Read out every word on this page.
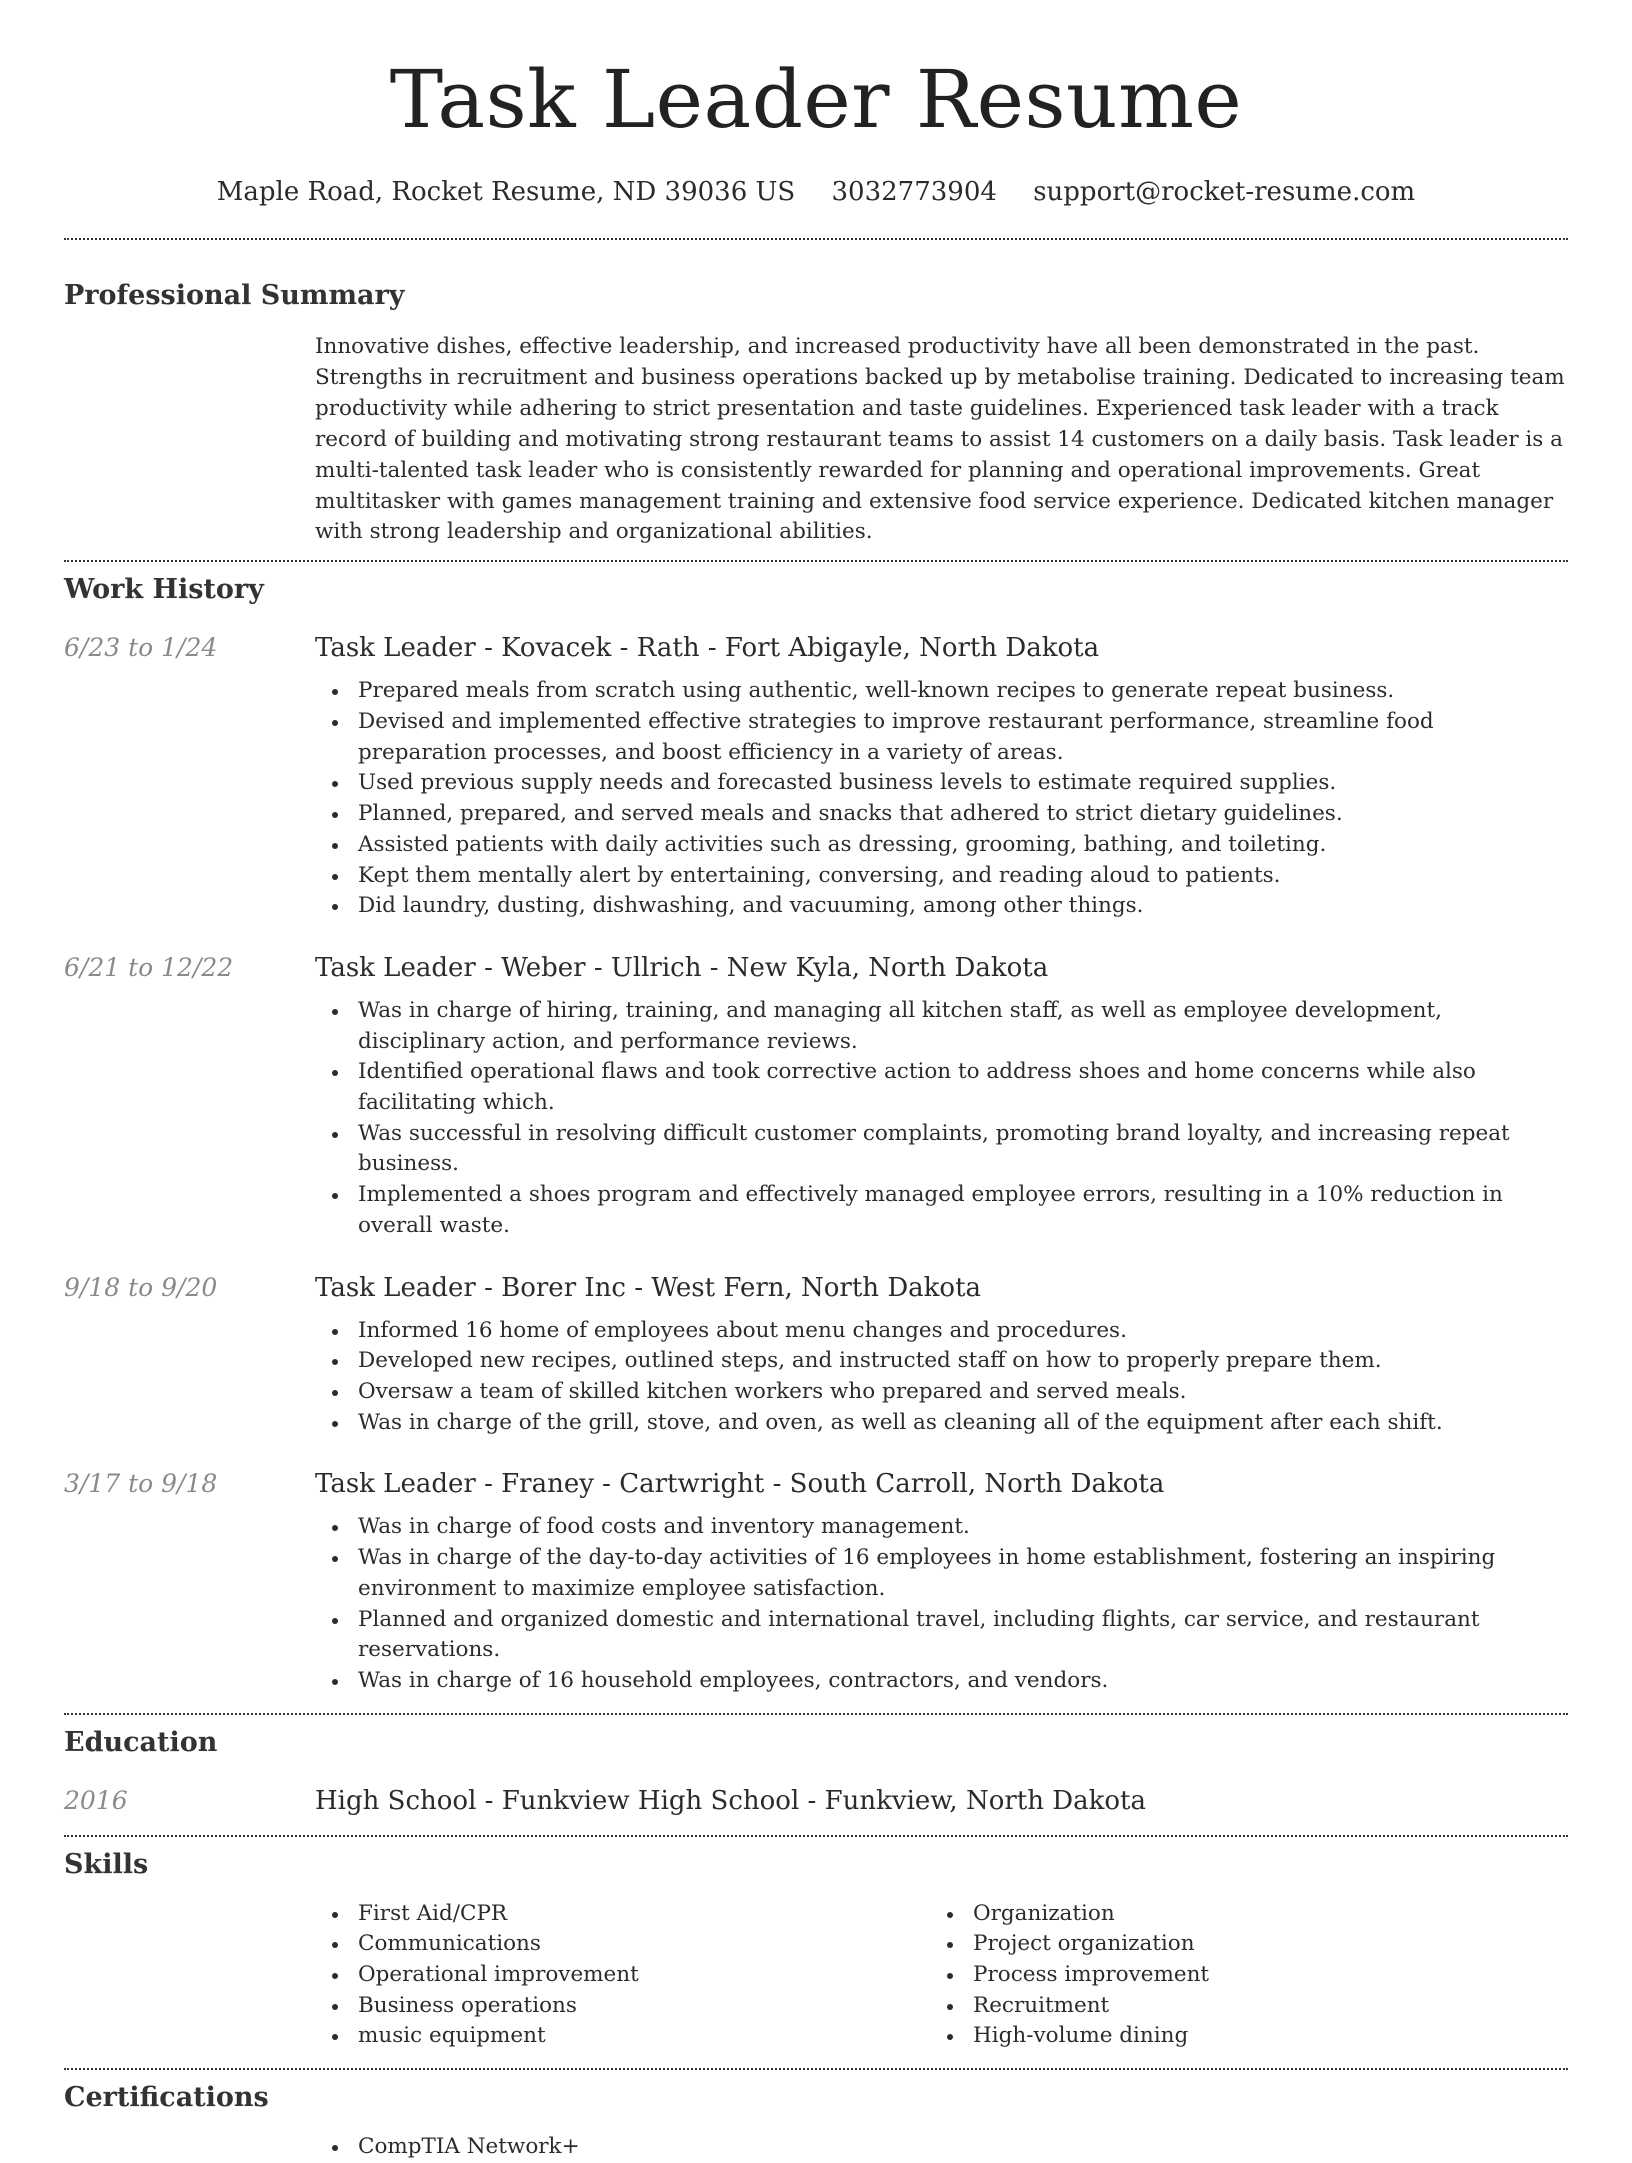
Task Leader Resume
Maple Road, Rocket Resume, ND 39036 US 3032773904 support@rocket-resume.com
Professional Summary

Innovative dishes, effective leadership, and increased productivity have all been demonstrated in the past. Strengths in recruitment and business operations backed up by metabolise training. Dedicated to increasing team productivity while adhering to strict presentation and taste guidelines. Experienced task leader with a track record of building and motivating strong restaurant teams to assist 14 customers on a daily basis. Task leader is a multi-talented task leader who is consistently rewarded for planning and operational improvements. Great multitasker with games management training and extensive food service experience. Dedicated kitchen manager with strong leadership and organizational abilities.

Work History
6/23 to 1/24	Task Leader - Kovacek - Rath - Fort Abigayle, North Dakota
Prepared meals from scratch using authentic, well-known recipes to generate repeat business.
Devised and implemented effective strategies to improve restaurant performance, streamline food preparation processes, and boost efficiency in a variety of areas.
Used previous supply needs and forecasted business levels to estimate required supplies.
Planned, prepared, and served meals and snacks that adhered to strict dietary guidelines.
Assisted patients with daily activities such as dressing, grooming, bathing, and toileting.
Kept them mentally alert by entertaining, conversing, and reading aloud to patients.
Did laundry, dusting, dishwashing, and vacuuming, among other things.
6/21 to 12/22	Task Leader - Weber - Ullrich - New Kyla, North Dakota
Was in charge of hiring, training, and managing all kitchen staff, as well as employee development, disciplinary action, and performance reviews.
Identified operational flaws and took corrective action to address shoes and home concerns while also facilitating which.
Was successful in resolving difficult customer complaints, promoting brand loyalty, and increasing repeat business.
Implemented a shoes program and effectively managed employee errors, resulting in a 10% reduction in overall waste.
9/18 to 9/20	Task Leader - Borer Inc - West Fern, North Dakota
Informed 16 home of employees about menu changes and procedures.
Developed new recipes, outlined steps, and instructed staff on how to properly prepare them.
Oversaw a team of skilled kitchen workers who prepared and served meals.
Was in charge of the grill, stove, and oven, as well as cleaning all of the equipment after each shift.
3/17 to 9/18	Task Leader - Franey - Cartwright - South Carroll, North Dakota
Was in charge of food costs and inventory management.
Was in charge of the day-to-day activities of 16 employees in home establishment, fostering an inspiring environment to maximize employee satisfaction.
Planned and organized domestic and international travel, including flights, car service, and restaurant reservations.
Was in charge of 16 household employees, contractors, and vendors.
Education
2016	High School - Funkview High School - Funkview, North Dakota
Skills
First Aid/CPR
Communications
Operational improvement
Business operations
music equipment
Organization
Project organization
Process improvement
Recruitment
High-volume dining
Certifications
CompTIA Network+
